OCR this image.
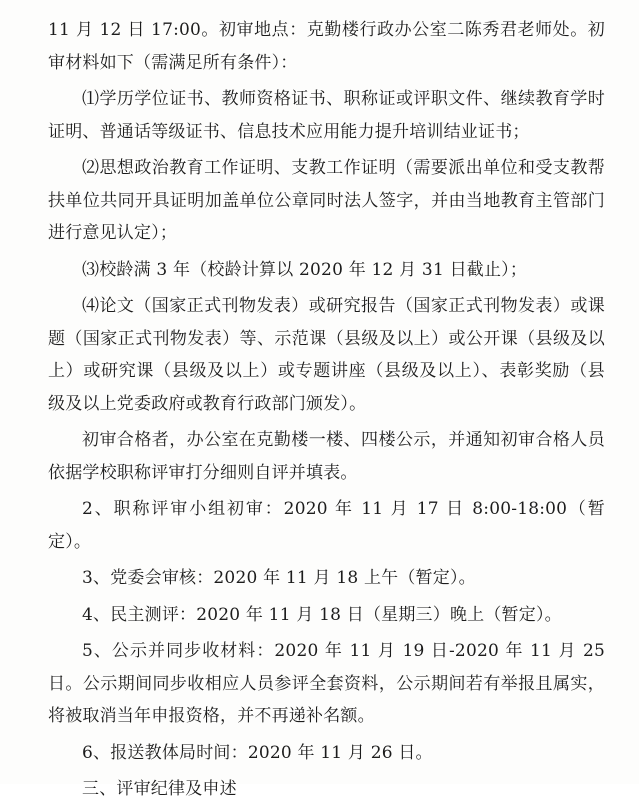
11 月 12 日 17:00。初审地点：克勤楼行政办公室二陈秀君老师处。初审材料如下（需满足所有条件）：

⑴学历学位证书、教师资格证书、职称证或评职文件、继续教育学时证明、普通话等级证书、信息技术应用能力提升培训结业证书；

⑵思想政治教育工作证明、支教工作证明（需要派出单位和受支教帮扶单位共同开具证明加盖单位公章同时法人签字，并由当地教育主管部门进行意见认定）；

⑶校龄满 3 年（校龄计算以 2020 年 12 月 31 日截止）；

⑷论文（国家正式刊物发表）或研究报告（国家正式刊物发表）或课题（国家正式刊物发表）等、示范课（县级及以上）或公开课（县级及以上）或研究课（县级及以上）或专题讲座（县级及以上）、表彰奖励（县级及以上党委政府或教育行政部门颁发）。

初审合格者，办公室在克勤楼一楼、四楼公示，并通知初审合格人员依据学校职称评审打分细则自评并填表。

2、职称评审小组初审：2020 年 11 月 17 日 8:00-18:00（暂定）。

3、党委会审核：2020 年 11 月 18 上午（暂定）。

4、民主测评：2020 年 11 月 18 日（星期三）晚上（暂定）。

5、公示并同步收材料：2020 年 11 月 19 日-2020 年 11 月 25 日。公示期间同步收相应人员参评全套资料，公示期间若有举报且属实，将被取消当年申报资格，并不再递补名额。

6、报送教体局时间：2020 年 11 月 26 日。

三、评审纪律及申述
